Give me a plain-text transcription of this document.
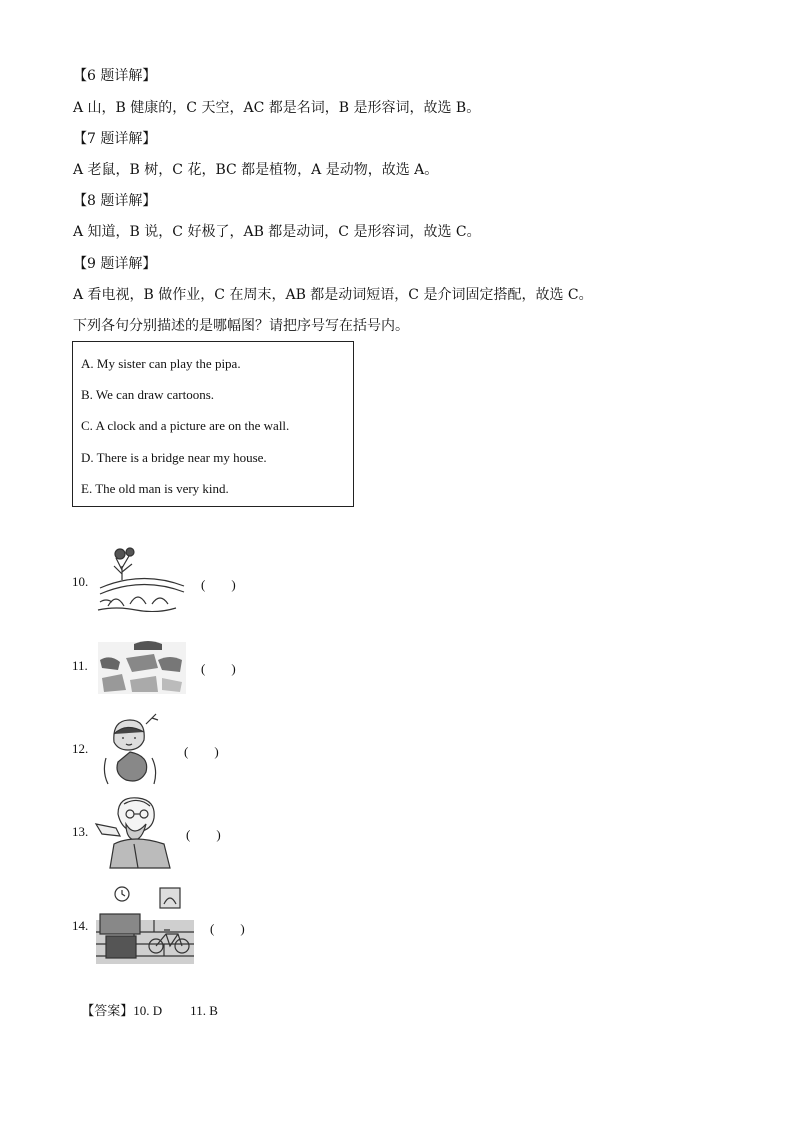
【6 题详解】
A 山，B 健康的，C 天空，AC 都是名词，B 是形容词，故选 B。
【7 题详解】
A 老鼠，B 树，C 花，BC 都是植物，A 是动物，故选 A。
【8 题详解】
A 知道，B 说，C 好极了，AB 都是动词，C 是形容词，故选 C。
【9 题详解】
A 看电视，B 做作业，C 在周末，AB 都是动词短语，C 是介词固定搭配，故选 C。
下列各句分别描述的是哪幅图？请把序号写在括号内。
A. My sister can play the pipa.
B. We can draw cartoons.
C. A clock and a picture are on the wall.
D. There is a bridge near my house.
E. The old man is very kind.
10.	(　　)
11.	(　　)
12.	(　　)
13.	(　　)
14.	(　　)

【答案】10. D 11. B
